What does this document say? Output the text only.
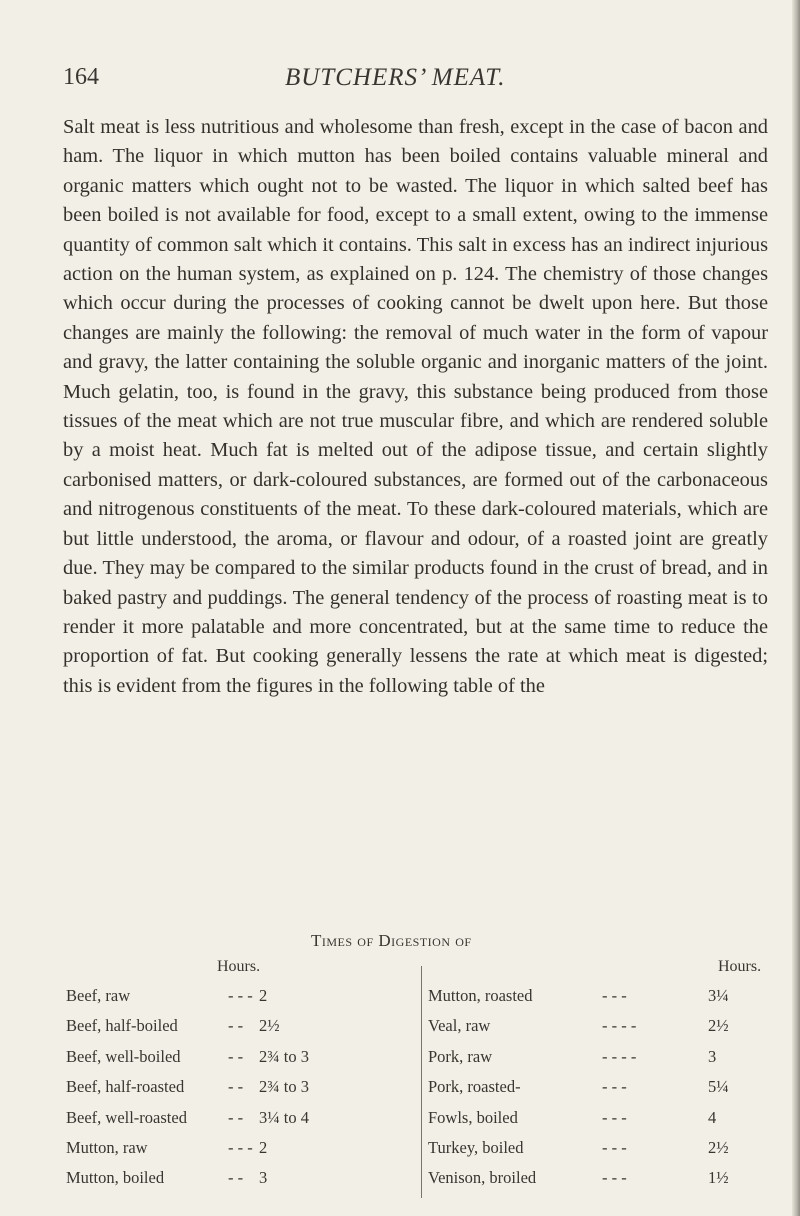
164	BUTCHERS’ MEAT.

Salt meat is less nutritious and wholesome than fresh, except in the case of bacon and ham. The liquor in which mutton has been boiled contains valuable mineral and organic matters which ought not to be wasted. The liquor in which salted beef has been boiled is not available for food, except to a small extent, owing to the immense quantity of common salt which it contains. This salt in excess has an indirect injurious action on the human system, as explained on p. 124. The chemistry of those changes which occur during the processes of cooking cannot be dwelt upon here. But those changes are mainly the following: the removal of much water in the form of vapour and gravy, the latter containing the soluble organic and inorganic matters of the joint. Much gelatin, too, is found in the gravy, this substance being produced from those tissues of the meat which are not true muscular fibre, and which are rendered soluble by a moist heat. Much fat is melted out of the adipose tissue, and certain slightly carbonised matters, or dark-coloured substances, are formed out of the carbonaceous and nitrogenous constituents of the meat. To these dark-coloured materials, which are but little understood, the aroma, or flavour and odour, of a roasted joint are greatly due. They may be compared to the similar products found in the crust of bread, and in baked pastry and puddings. The general tendency of the process of roasting meat is to render it more palatable and more concentrated, but at the same time to reduce the proportion of fat. But cooking generally lessens the rate at which meat is digested; this is evident from the figures in the following table of the

Times of Digestion of
Hours.	Hours.
Beef, raw	- - - 2
Beef, half-boiled	- - 2½
Beef, well-boiled	- - 2¾ to 3
Beef, half-roasted	- - 2¾ to 3
Beef, well-roasted - - 3¼ to 4
Mutton, raw	- - - 2
Mutton, boiled	- - 3
Mutton, roasted	- - -	3¼
Veal, raw	- - - -	2½
Pork, raw	- - - -	3
Pork, roasted-	- - -	5¼
Fowls, boiled	- - -	4
Turkey, boiled	- - -	2½
Venison, broiled	- - -	1½
